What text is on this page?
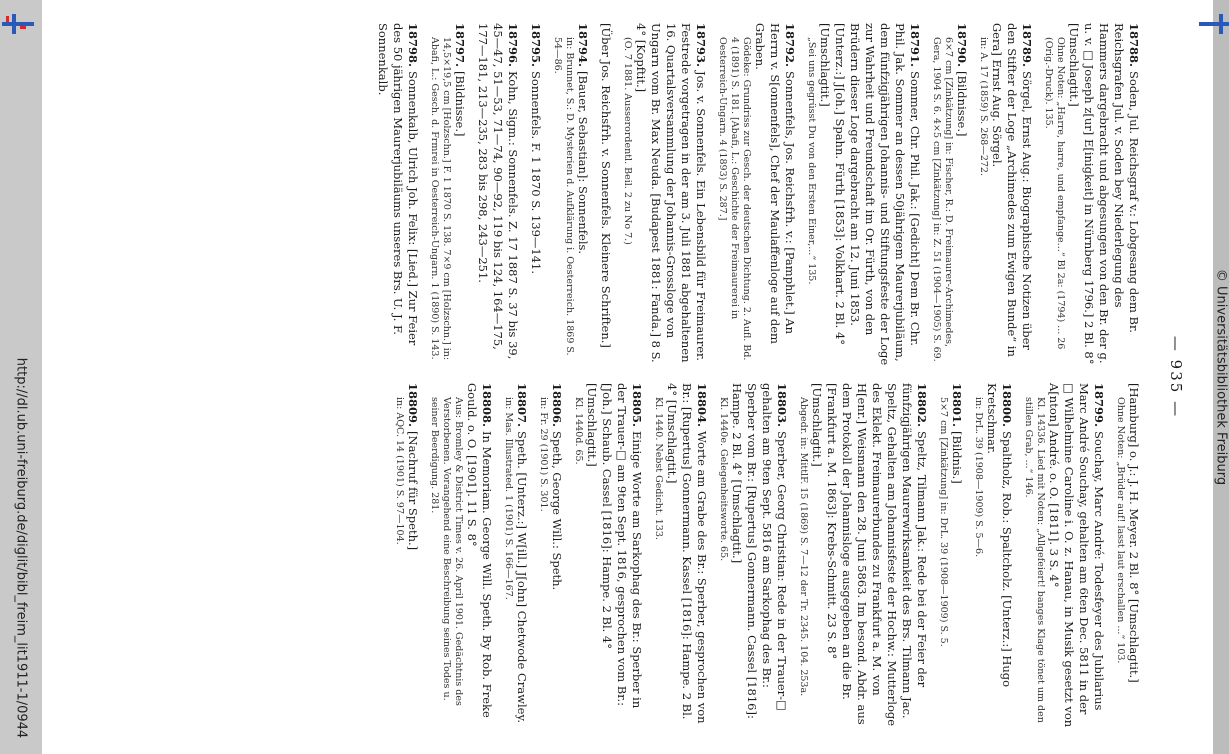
http://dl.ub.uni-freiburg.de/diglit/bibl_freim_lit1911-1/0944	— 935 —
18788.Soden, Jul. Reichsgraf v.: Lobgesang dem Br. Reichsgrafen Jul. v. Soden bey Niederlegung des Hammers dargebracht und abgesungen von den Br. der g. u. v. □ Joseph z[ur] E[inigkeit] in Nürnberg 1796.] 2 Bl. 8° [Umschlagtit.]
Ohne Noten: „Harre, harre, und empfange...“ Bl 2a: (1794) ... 26 (Orig.-Druck). 135.
18789.Sörgel, Ernst Aug.: Biographische Notizen über den Stifter der Loge „Archimedes zum Ewigen Bunde“ in Gera] Ernst Aug. Sörgel.
in: A. 17 (1859) S. 268—272.
18790.[Bildnisse.]
6×7 cm [Zinkätzung] in: Fischer, R.: D. Freimaurer-Archimedes, Gera, 1904 S. 6. 4×5 cm [Zinkätzung] in: Z. 51 (1904—1905) S. 69.
18791.Sommer, Chr. Phil. Jak.: [Gedicht] Dem Br. Chr. Phil. Jak. Sommer an dessen 50jährigem Maurerjubiläum, dem fünfzigjährigen Johannis- und Stiftungsfeste der Loge zur Wahrheit und Freundschaft im Or. Fürth, von den Brüdern dieser Loge dargebracht am 12. Juni 1853. [Unterz.:] J[oh.] Spahn. Fürth [1853]: Volkhart. 2 Bl. 4° [Umschlagtit.]
„Sei uns gegrüsst Du von den Ersten Einer,...“ 135.
18792.Sonnenfels, Jos. Reichsfrh. v.: [Pamphlet.] An Herrn v. S[onnenfels], Chef der Maulaffenloge auf dem Graben.
Gödeke: Grundriss zur Gesch. der deutschen Dichtung. 2. Aufl. Bd. 4 (1891) S. 181. [Abafi, L.: Geschichte der Freimaurerei in Oesterreich-Ungarn. 4 (1893) S. 287.]
18793.Jos. v. Sonnenfels. Ein Lebensbild für Freimaurer. Festrede vorgetragen in der am 3. Juli 1881 abgehaltenen 16. Quartalsversammlung der Johannis-Grossloge von Ungarn vom Br. Max Neuda. [Budapest 1881: Fanda.] 8 S. 4° [Kopftit.]
(O. 7 1881. Ausserordentl. Beil. 2 zu No 7.)
[Über Jos. Reichsfrh. v. Sonnenfels. Kleinere Schriften.]
18794.[Bauer, Sebastian]: Sonnenfels.
in: Brunnet, S.: D. Mysterien d. Aufklärung i. Oesterreich. 1869 S. 54—86.
18795.Sonnenfels. F. 1 1870 S. 139—141.
18796.Kohn, Sigm.: Sonnenfels. Z. 17 1887 S. 37 bis 39, 45—47, 51—53, 71—74, 90—92, 119 bis 124, 164—175, 177—181, 213—235, 283 bis 298, 243—251.
18797.[Bildnisse.]
14,5×19,5 cm [Holzschn.] F. 1 1870 S. 138. 7×9 cm [Holzschn.] in: Abafi, L.: Gesch. d. Frmrei in Oesterreich-Ungarn. 1 (1890) S. 143.
18798.Sonnenkalb, Ulrich Joh. Felix: [Lied.] Zur Feier des 50 jährigen Maurerjubiläums unseres Brs. U. J. F. Sonnenkalb.
[Hamburg] o. J.: J. H. Meyer. 2 Bl. 8° [Umschlagtit.]
Ohne Noten: „Brüder auf! lasst laut erschallen ...“ 103.
18799.Souchay, Marc André: Todesfeyer des Jubilarius Marc André Souchay, gehalten am 6ten Dec. 5811 in der □ Wilhelmine Caroline i. O. z. Hanau, in Musik gesetzt von A[nton] André. o. O. [1811]. 3 S. 4°
Kl. 14336. Lied mit Noten: „Allgefeiert! banges Klage tönet um den stillen Grab, ...“ 146.
18800.Spaltholz, Rob.: Spaltcholz. [Unterz.:] Hugo Kretschmar.
in: DrL. 39 (1908—1909) S. 5—6.
18801.[Bildnis.]
5×7 cm [Zinkätzung] in: DrL. 39 (1908—1909) S. 5.
18802.Speltz, Tilmann Jak.: Rede bei der Feier der fünfzigjährigen Maurerwirksamkeit des Brs. Tilmann Jac. Speltz, Gehalten am Johannisfeste der Hochw.: Mutterloge des Eklekt. Freimaurerbundes zu Frankfurt a. M. von H[enr.] Weismann den 28. Juni 5863. Im besond. Abdr. aus dem Protokoll der Johannisloge ausgegeben an die Br. [Frankfurt a. M. 1863]: Krebs-Schmitt. 23 S. 8° [Umschlagtit.]
Abgedr. in: MittlF. 15 (1869) S. 7—12 der Tr. 2345. 104. 253a.
18803.Sperber, Georg Christian: Rede in der Trauer-□ gehalten am 9ten Sept. 5816 am Sarkophag des Br.: Sperber vom Br.: [Rupertus] Gonnermann. Cassel [1816]: Hampe. 2 Bl. 4° [Umschlagtit.]
Kl. 1440e. Gelegenheitsworte. 65.
18804.Worte am Grabe des Br.: Sperber, gesprochen von Br.: [Rupertus] Gonnermann. Kassel [1816]: Hampe. 2 Bl. 4° [Umschlagtit.]
Kl. 1440. Nebst Gedicht. 133.
18805.Einige Worte am Sarkophag des Br.: Sperber in der Trauer-□ am 9ten Sept. 1816, gesprochen vom Br.: [Joh.] Schaub. Cassel [1816]: Hampe. 2 Bl. 4° [Umschlagtit.]
Kl. 1440d. 65.
18806.Speth, George Will.: Speth.
in: Fr. 29 (1901) S. 301.
18807.Speth. [Unterz.:] W[ill.] J[ohn] Chetwode Crawley.
in: Mas. Illustrated. 1 (1901) S. 166—167.
18808.In Memoriam. George Will. Speth. By Rob. Freke Gould. o. O. [1901]. 11 S. 8°
Aus: Bromley & District Times v. 26. April 1901. Gedächtnis des Verstorbenen. Vorangehend eine Beschreibung seines Todes u. seiner Beerdigung. 281.
18809.[Nachruf für Speth.]
in: AQC. 14 (1901) S. 97—104.	© Universitätsbibliothek Freiburg
